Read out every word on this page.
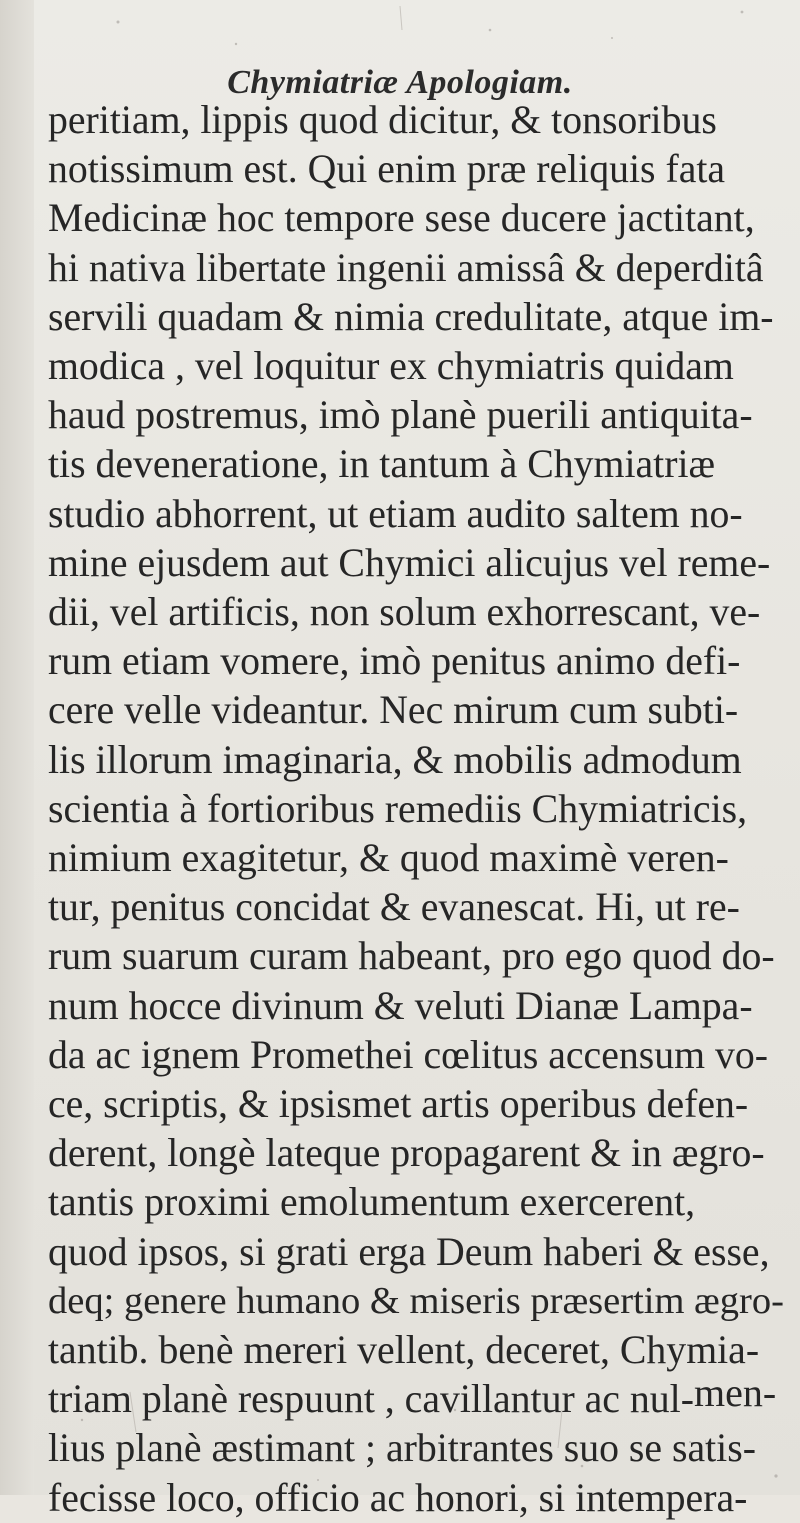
Chymiatriæ Apologiam.
peritiam, lippis quod dicitur, & tonsoribus
notissimum est. Qui enim præ reliquis fata
Medicinæ hoc tempore sese ducere jactitant,
hi nativa libertate ingenii amissâ & deperditâ
servili quadam & nimia credulitate, atque im-
modica , vel loquitur ex chymiatris quidam
haud postremus, imò planè puerili antiquita-
tis deveneratione, in tantum à Chymiatriæ
studio abhorrent, ut etiam audito saltem no-
mine ejusdem aut Chymici alicujus vel reme-
dii, vel artificis, non solum exhorrescant, ve-
rum etiam vomere, imò penitus animo defi-
cere velle videantur. Nec mirum cum subti-
lis illorum imaginaria, & mobilis admodum
scientia à fortioribus remediis Chymiatricis,
nimium exagitetur, & quod maximè veren-
tur, penitus concidat & evanescat. Hi, ut re-
rum suarum curam habeant, pro ego quod do-
num hocce divinum & veluti Dianæ Lampa-
da ac ignem Promethei cœlitus accensum vo-
ce, scriptis, & ipsismet artis operibus defen-
derent, longè lateque propagarent & in ægro-
tantis proximi emolumentum exercerent,
quod ipsos, si grati erga Deum haberi & esse,
deq; genere humano & miseris præsertim ægro-
tantib. benè mereri vellent, deceret, Chymia-
triam planè respuunt , cavillantur ac nul-
lius planè æstimant ; arbitrantes suo se satis-
fecisse loco, officio ac honori, si intempera-
men-
